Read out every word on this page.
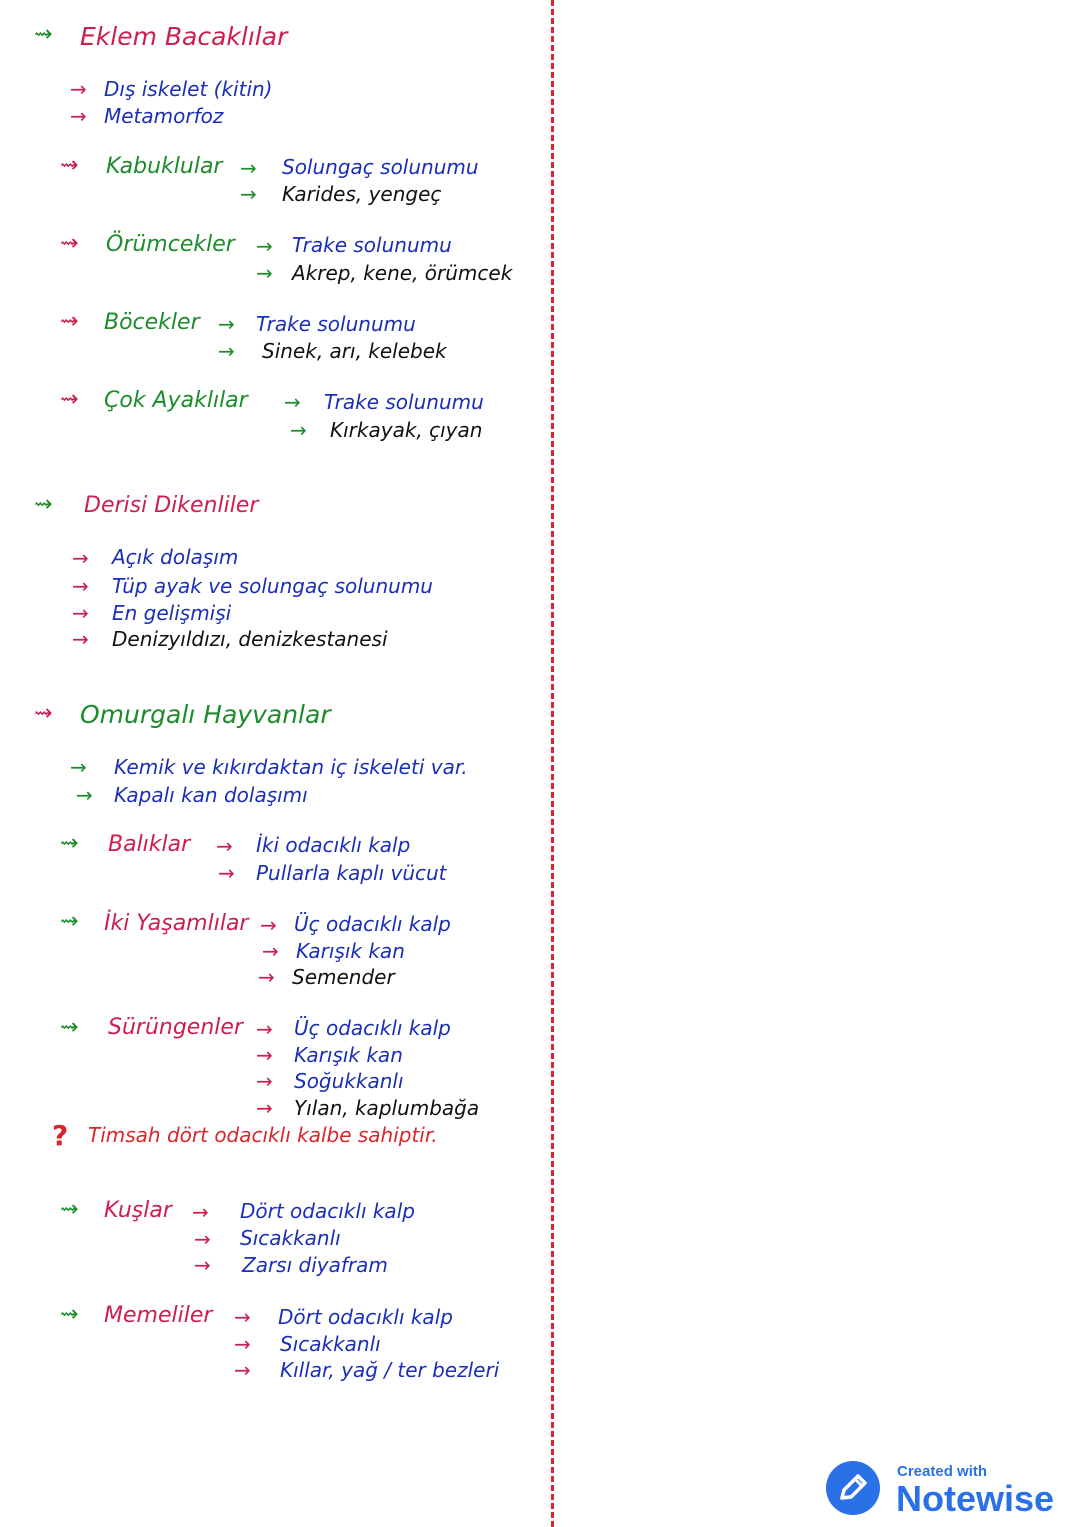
⇝ Eklem Bacaklılar
→ Dış iskelet (kitin)
→ Metamorfoz
⇝ Kabuklular → Solungaç solunumu
→ Karides, yengeç
⇝ Örümcekler → Trake solunumu
→ Akrep, kene, örümcek
⇝ Böcekler → Trake solunumu
→ Sinek, arı, kelebek
⇝ Çok Ayaklılar → Trake solunumu
→ Kırkayak, çıyan
⇝ Derisi Dikenliler
→ Açık dolaşım
→ Tüp ayak ve solungaç solunumu
→ En gelişmişi
→ Denizyıldızı, denizkestanesi
⇝ Omurgalı Hayvanlar
→ Kemik ve kıkırdaktan iç iskeleti var.
→ Kapalı kan dolaşımı
⇝ Balıklar → İki odacıklı kalp
→ Pullarla kaplı vücut
⇝ İki Yaşamlılar → Üç odacıklı kalp
→ Karışık kan
→ Semender
⇝ Sürüngenler → Üç odacıklı kalp
→ Karışık kan
→ Soğukkanlı
→ Yılan, kaplumbağa
? Timsah dört odacıklı kalbe sahiptir.
⇝ Kuşlar → Dört odacıklı kalp
→ Sıcakkanlı
→ Zarsı diyafram
⇝ Memeliler → Dört odacıklı kalp
→ Sıcakkanlı
→ Kıllar, yağ / ter bezleri
Created with
Notewise
